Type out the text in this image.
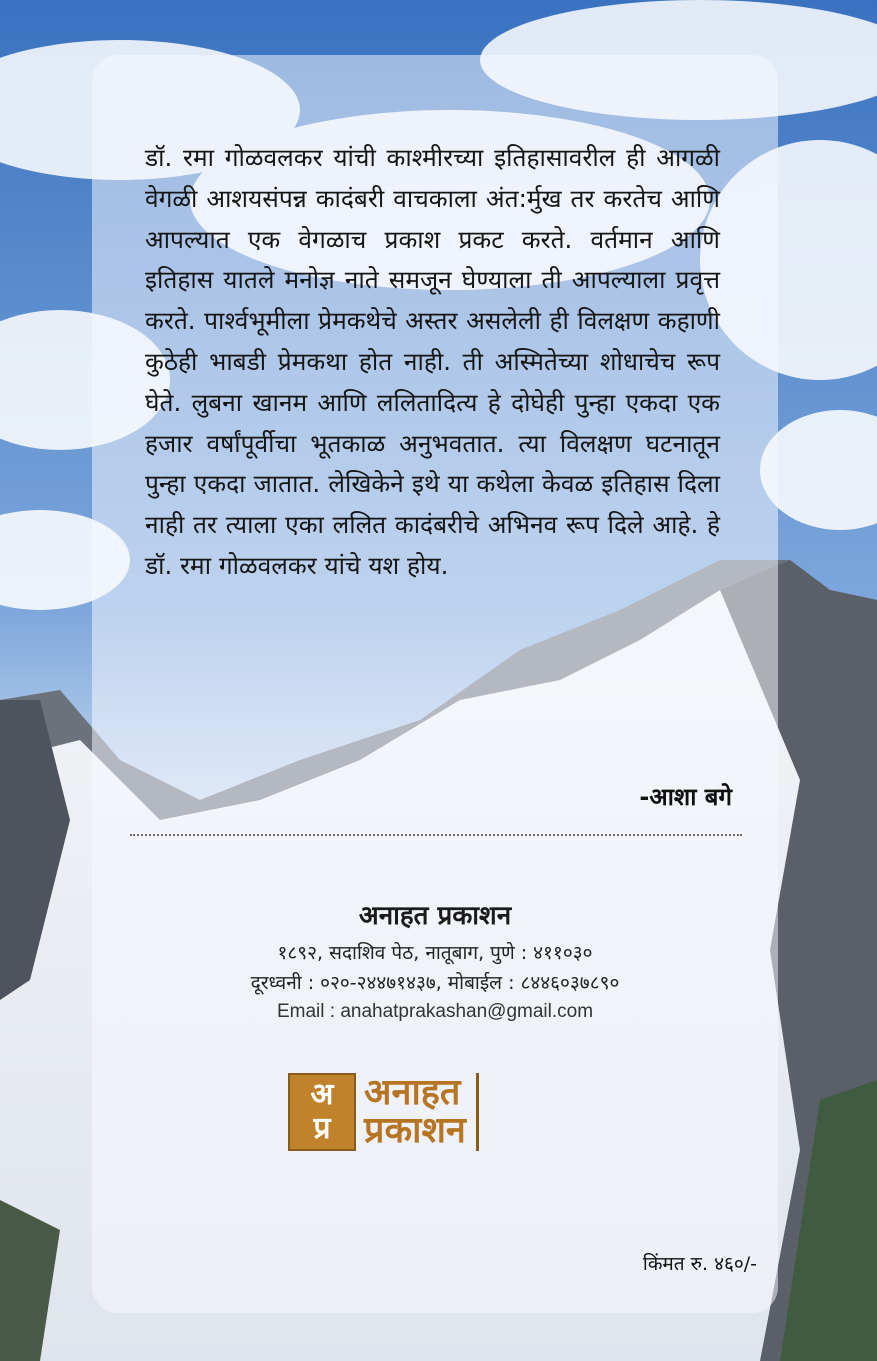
डॉ. रमा गोळवलकर यांची काश्मीरच्या इतिहासावरील ही आगळी वेगळी आशयसंपन्न कादंबरी वाचकाला अंत:र्मुख तर करतेच आणि आपल्यात एक वेगळाच प्रकाश प्रकट करते. वर्तमान आणि इतिहास यातले मनोज्ञ नाते समजून घेण्याला ती आपल्याला प्रवृत्त करते. पार्श्वभूमीला प्रेमकथेचे अस्तर असलेली ही विलक्षण कहाणी कुठेही भाबडी प्रेमकथा होत नाही. ती अस्मितेच्या शोधाचेच रूप घेते. लुबना खानम आणि ललितादित्य हे दोघेही पुन्हा एकदा एक हजार वर्षांपूर्वीचा भूतकाळ अनुभवतात. त्या विलक्षण घटनातून पुन्हा एकदा जातात. लेखिकेने इथे या कथेला केवळ इतिहास दिला नाही तर त्याला एका ललित कादंबरीचे अभिनव रूप दिले आहे. हे डॉ. रमा गोळवलकर यांचे यश होय.

-आशा बगे

अनाहत प्रकाशन

१८९२, सदाशिव पेठ, नातूबाग, पुणे : ४११०३०

दूरध्वनी : ०२०-२४४७१४३७, मोबाईल : ८४४६०३७८९०

Email : anahatprakashan@gmail.com

अ
प्र

अनाहत

प्रकाशन

किंमत रु. ४६०/-
